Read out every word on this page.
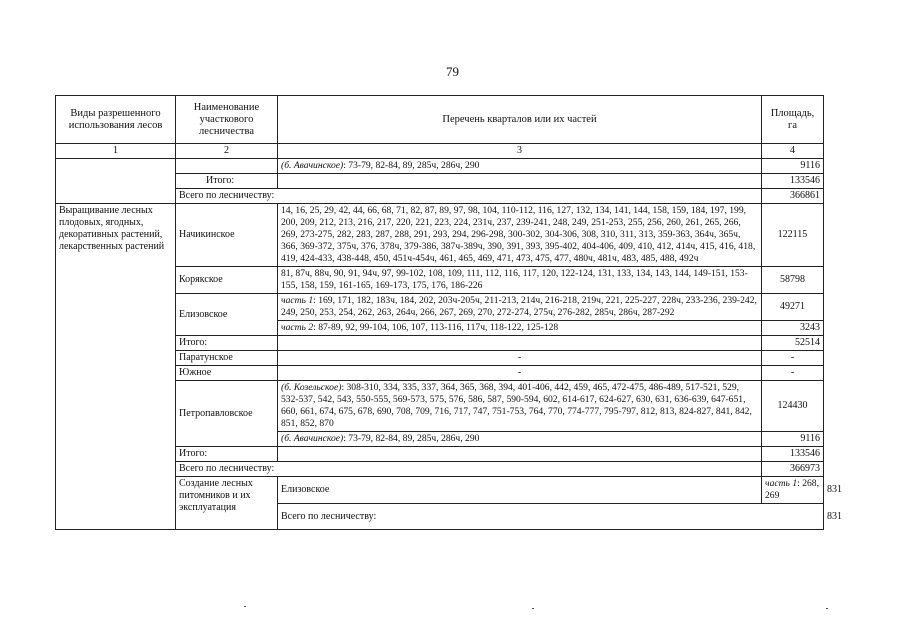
79
Виды разрешенного использования лесов	Наименование участкового лесничества	Перечень кварталов или их частей	Площадь, га	
1	2	3	4	
		(б. Авачинское): 73-79, 82-84, 89, 285ч, 286ч, 290	9116	
	Итого:		133546	
	Всего по лесничеству:		366861	
Выращивание лесных плодовых, ягодных, декоративных растений, лекарственных растений	Начикинское	14, 16, 25, 29, 42, 44, 66, 68, 71, 82, 87, 89, 97, 98, 104, 110-112, 116, 127, 132, 134, 141, 144, 158, 159, 184, 197, 199, 200, 209, 212, 213, 216, 217, 220, 221, 223, 224, 231ч, 237, 239-241, 248, 249, 251-253, 255, 256, 260, 261, 265, 266, 269, 273-275, 282, 283, 287, 288, 291, 293, 294, 296-298, 300-302, 304-306, 308, 310, 311, 313, 359-363, 364ч, 365ч, 366, 369-372, 375ч, 376, 378ч, 379-386, 387ч-389ч, 390, 391, 393, 395-402, 404-406, 409, 410, 412, 414ч, 415, 416, 418, 419, 424-433, 438-448, 450, 451ч-454ч, 461, 465, 469, 471, 473, 475, 477, 480ч, 481ч, 483, 485, 488, 492ч	122115	
	Корякское	81, 87ч, 88ч, 90, 91, 94ч, 97, 99-102, 108, 109, 111, 112, 116, 117, 120, 122-124, 131, 133, 134, 143, 144, 149-151, 153-155, 158, 159, 161-165, 169-173, 175, 176, 186-226	58798	
	Елизовское	часть 1: 169, 171, 182, 183ч, 184, 202, 203ч-205ч, 211-213, 214ч, 216-218, 219ч, 221, 225-227, 228ч, 233-236, 239-242, 249, 250, 253, 254, 262, 263, 264ч, 266, 267, 269, 270, 272-274, 275ч, 276-282, 285ч, 286ч, 287-292	49271	
		часть 2: 87-89, 92, 99-104, 106, 107, 113-116, 117ч, 118-122, 125-128	3243	
	Итого:		52514	
	Паратунское	-	-	
	Южное	-	-	
	Петропавловское	(б. Козельское): 308-310, 334, 335, 337, 364, 365, 368, 394, 401-406, 442, 459, 465, 472-475, 486-489, 517-521, 529, 532-537, 542, 543, 550-555, 569-573, 575, 576, 586, 587, 590-594, 602, 614-617, 624-627, 630, 631, 636-639, 647-651, 660, 661, 674, 675, 678, 690, 708, 709, 716, 717, 747, 751-753, 764, 770, 774-777, 795-797, 812, 813, 824-827, 841, 842, 851, 852, 870	124430	
		(б. Авачинское): 73-79, 82-84, 89, 285ч, 286ч, 290	9116	
	Итого:		133546	
	Всего по лесничеству:		366973	
	Создание лесных питомников и их эксплуатация	Елизовское	часть 1: 268, 269	831
		Всего по лесничеству:		831
